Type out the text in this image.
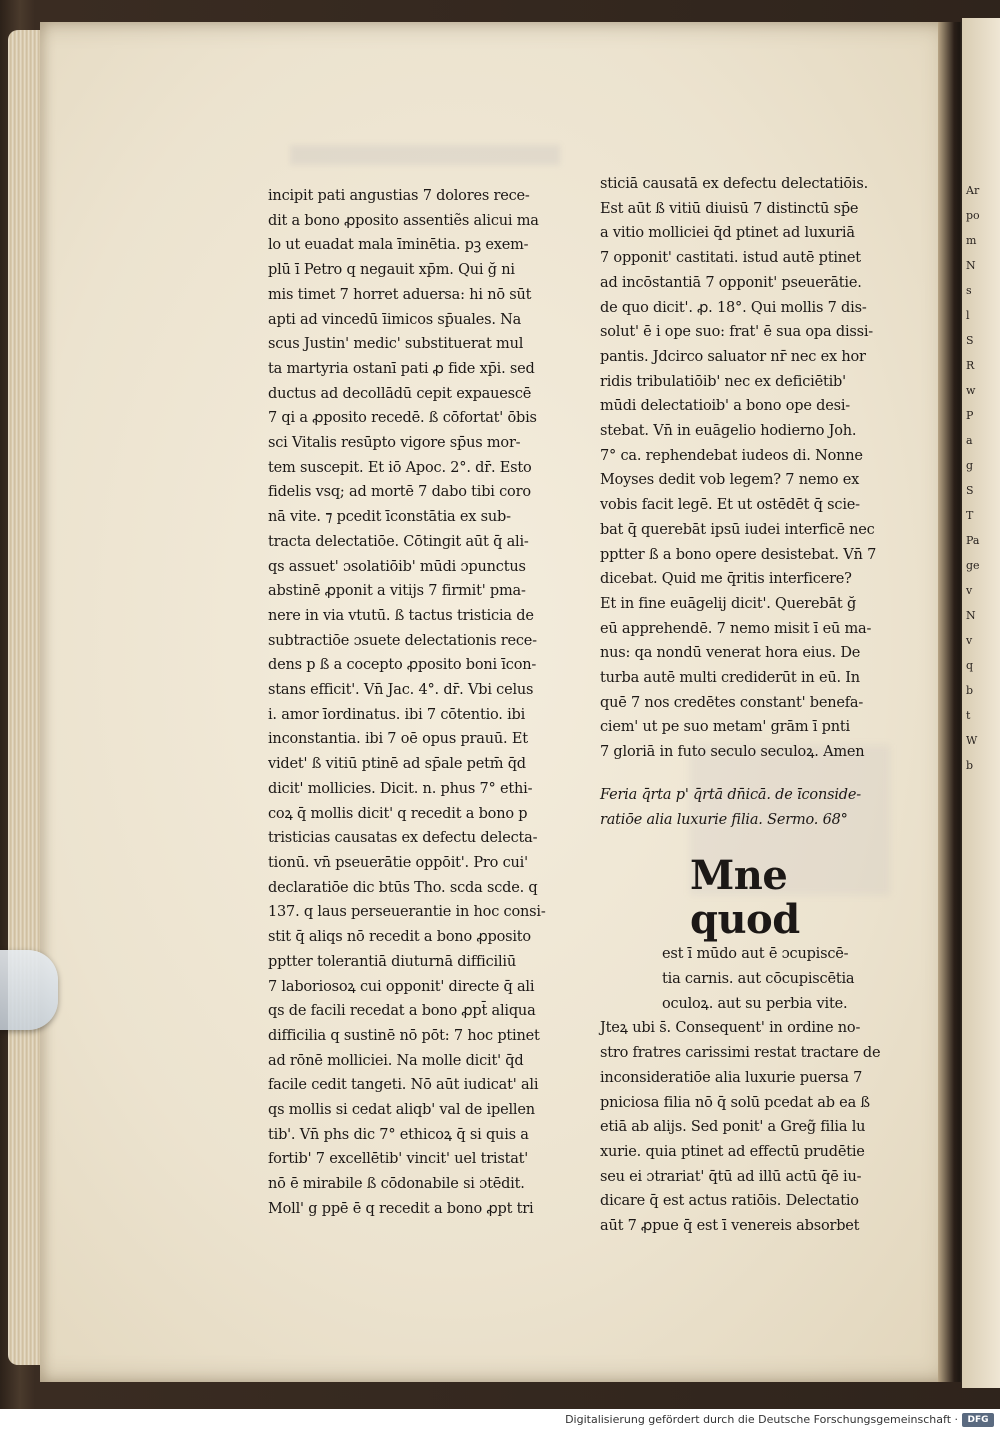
Ar
po
m
N
s
l
S
R
w
P
a
g
S
T
Pa
ge
v
N
v
q
b
t
W
b
incipit pati angustias 7 dolores rece-
dit a bono ꝓposito assentiẽs alicui ma
lo ut euadat mala īminētia. pꝫ exem-
plū ī Petro q negauit xp̄m. Qui ğ ni
mis timet 7 horret aduersa: hi nō sūt
apti ad vincedū īimicos sp̄uales. Na
scus Justin' medic' substituerat mul
ta martyria ostanī pati ꝓ fide xp̄i. sed
ductus ad decollādū cepit expauescē
7 qi a ꝓposito recedē. ß cōfortat' ōbis
sci Vitalis resūpto vigore sp̄us mor-
tem suscepit. Et iō Apoc. 2°. dr̄. Esto
fidelis vsq; ad mortē 7 dabo tibi coro
nā vite. ⁊ pcedit īconstātia ex sub-
tracta delectatiōe. Cōtingit aūt q̄ ali-
qs assuet' ɔsolatiōib' mūdi ɔpunctus
abstinē ꝓponit a vitijs 7 firmit' pma-
nere in via vtutū. ß tactus tristicia de
subtractiōe ɔsuete delectationis rece-
dens p ß a cocepto ꝓposito boni īcon-
stans efficit'. Vn̄ Jac. 4°. dr̄. Vbi celus
i. amor īordinatus. ibi 7 cōtentio. ibi
inconstantia. ibi 7 oē opus prauū. Et
videt' ß vitiū ptinē ad sp̄ale petm̄ q̄d
dicit' mollicies. Dicit. n. phus 7° ethi-
coꝝ q̄ mollis dicit' q recedit a bono p
tristicias causatas ex defectu delecta-
tionū. vn̄ pseuerātie oppōit'. Pro cui'
declaratiōe dic btūs Tho. scda scde. q
137. q laus perseuerantie in hoc consi-
stit q̄ aliqs nō recedit a bono ꝓposito
pptter tolerantiā diuturnā difficiliū
7 laboriosoꝝ cui opponit' directe q̄ ali
qs de facili recedat a bono ꝓpt̄ aliqua
difficilia q sustinē nō pōt: 7 hoc ptinet
ad rōnē molliciei. Na molle dicit' q̄d
facile cedit tangeti. Nō aūt iudicat' ali
qs mollis si cedat aliqb' val de ipellen
tib'. Vn̄ phs dic 7° ethicoꝝ q̄ si quis a
fortib' 7 excellētib' vincit' uel tristat'
nō ē mirabile ß cōdonabile si ɔtēdit.
Moll' g ppē ē q recedit a bono ꝓpt tri
sticiā causatā ex defectu delectatiōis.
Est aūt ß vitiū diuisū 7 distinctū sp̄e
a vitio molliciei q̄d ptinet ad luxuriā
7 opponit' castitati. istud autē ptinet
ad incōstantiā 7 opponit' pseuerātie.
de quo dicit'. ꝓ. 18°. Qui mollis 7 dis-
solut' ē i ope suo: frat' ē sua opa dissi-
pantis. Jdcirco saluator nr̄ nec ex hor
ridis tribulatiōib' nec ex deficiētib'
mūdi delectatioib' a bono ope desi-
stebat. Vn̄ in euāgelio hodierno Joh.
7° ca. rephendebat iudeos di. Nonne
Moyses dedit vob legem? 7 nemo ex
vobis facit legē. Et ut ostēdēt q̄ scie-
bat q̄ querebāt ipsū iudei interficē nec
pptter ß a bono opere desistebat. Vn̄ 7
dicebat. Quid me q̄ritis interficere?
Et in fine euāgelij dicit'. Querebāt ğ
eū apprehendē. 7 nemo misit ī eū ma-
nus: qa nondū venerat hora eius. De
turba autē multi crediderūt in eū. In
quē 7 nos credētes constant' benefa-
ciem' ut pe suo metam' grām ī pnti
7 gloriā in futo seculo seculoꝝ. Amen
Feria q̄rta p' q̄rtā dn̄icā. de īconside-
ratiōe alia luxurie filia. Sermo. 68°
Mne quod
est ī mūdo aut ē ɔcupiscē-
tia carnis. aut cōcupiscētia
oculoꝝ. aut su perbia vite.
Jteꝝ ubi s̄. Consequent' in ordine no-
stro fratres carissimi restat tractare de
inconsideratiōe alia luxurie puersa 7
pniciosa filia nō q̄ solū pcedat ab ea ß
etiā ab alijs. Sed ponit' a Greg̃ filia lu
xurie. quia ptinet ad effectū prudētie
seu ei ɔtrariat' q̄tū ad illū actū q̄ē iu-
dicare q̄ est actus ratiōis. Delectatio
aūt 7 ꝓpue q̄ est ī venereis absorbet
Digitalisierung gefördert durch die Deutsche Forschungsgemeinschaft ·	DFG
